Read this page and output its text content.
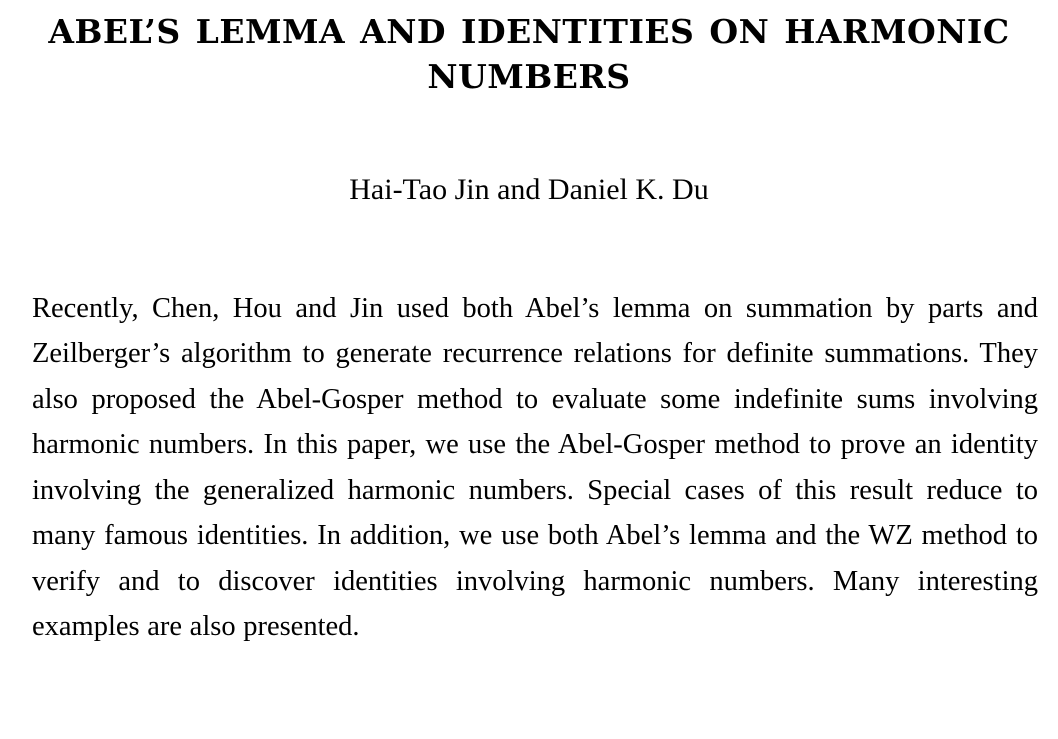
ABEL’S LEMMA AND IDENTITIES ON HARMONIC NUMBERS
Hai-Tao Jin and Daniel K. Du
Recently, Chen, Hou and Jin used both Abel’s lemma on summation by parts and Zeilberger’s algorithm to generate recurrence relations for definite summations. They also proposed the Abel-Gosper method to evaluate some indefinite sums involving harmonic numbers. In this paper, we use the Abel-Gosper method to prove an identity involving the generalized harmonic numbers. Special cases of this result reduce to many famous identities. In addition, we use both Abel’s lemma and the WZ method to verify and to discover identities involving harmonic numbers. Many interesting examples are also presented.
